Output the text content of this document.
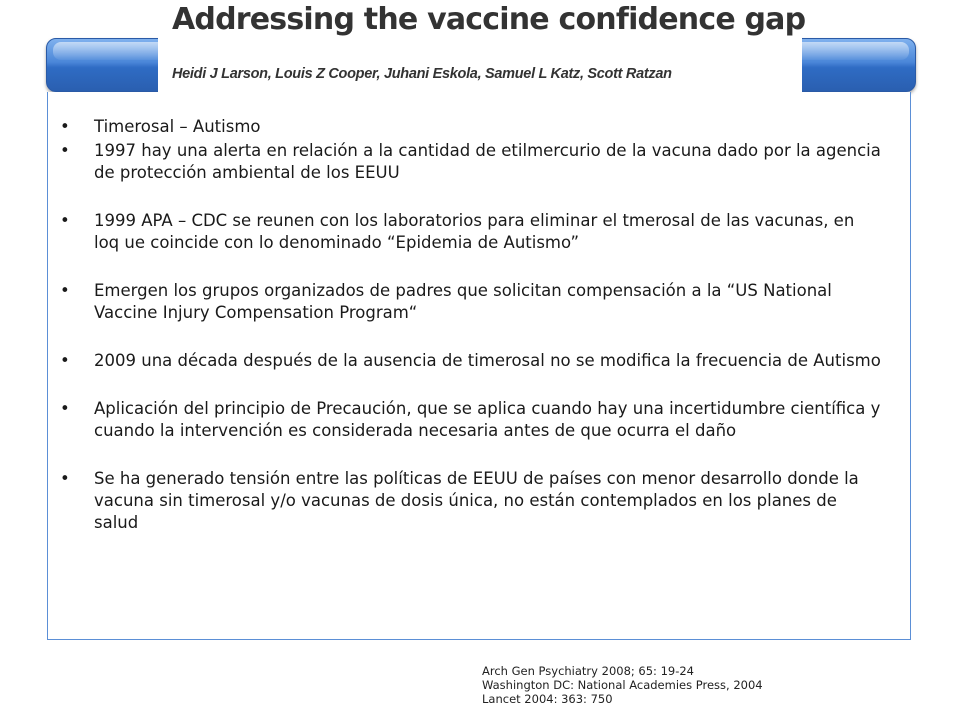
Addressing the vaccine confidence gap

Heidi J Larson, Louis Z Cooper, Juhani Eskola, Samuel L Katz, Scott Ratzan

• Timerosal – Autismo
• 1997 hay una alerta en relación a la cantidad de etilmercurio de la vacuna dado por la agencia de protección ambiental de los EEUU
• 1999 APA – CDC se reunen con los laboratorios para eliminar el tmerosal de las vacunas, en loq ue coincide con lo denominado “Epidemia de Autismo”
• Emergen los grupos organizados de padres que solicitan compensación a la “US National Vaccine Injury Compensation Program“
• 2009 una década después de la ausencia de timerosal no se modifica la frecuencia de Autismo
• Aplicación del principio de Precaución, que se aplica cuando hay una incertidumbre científica y cuando la intervención es considerada necesaria antes de que ocurra el daño
• Se ha generado tensión entre las políticas de EEUU de países con menor desarrollo donde la vacuna sin timerosal y/o vacunas de dosis única, no están contemplados en los planes de salud
Arch Gen Psychiatry 2008; 65: 19-24
Washington DC: National Academies Press, 2004
Lancet 2004: 363: 750
